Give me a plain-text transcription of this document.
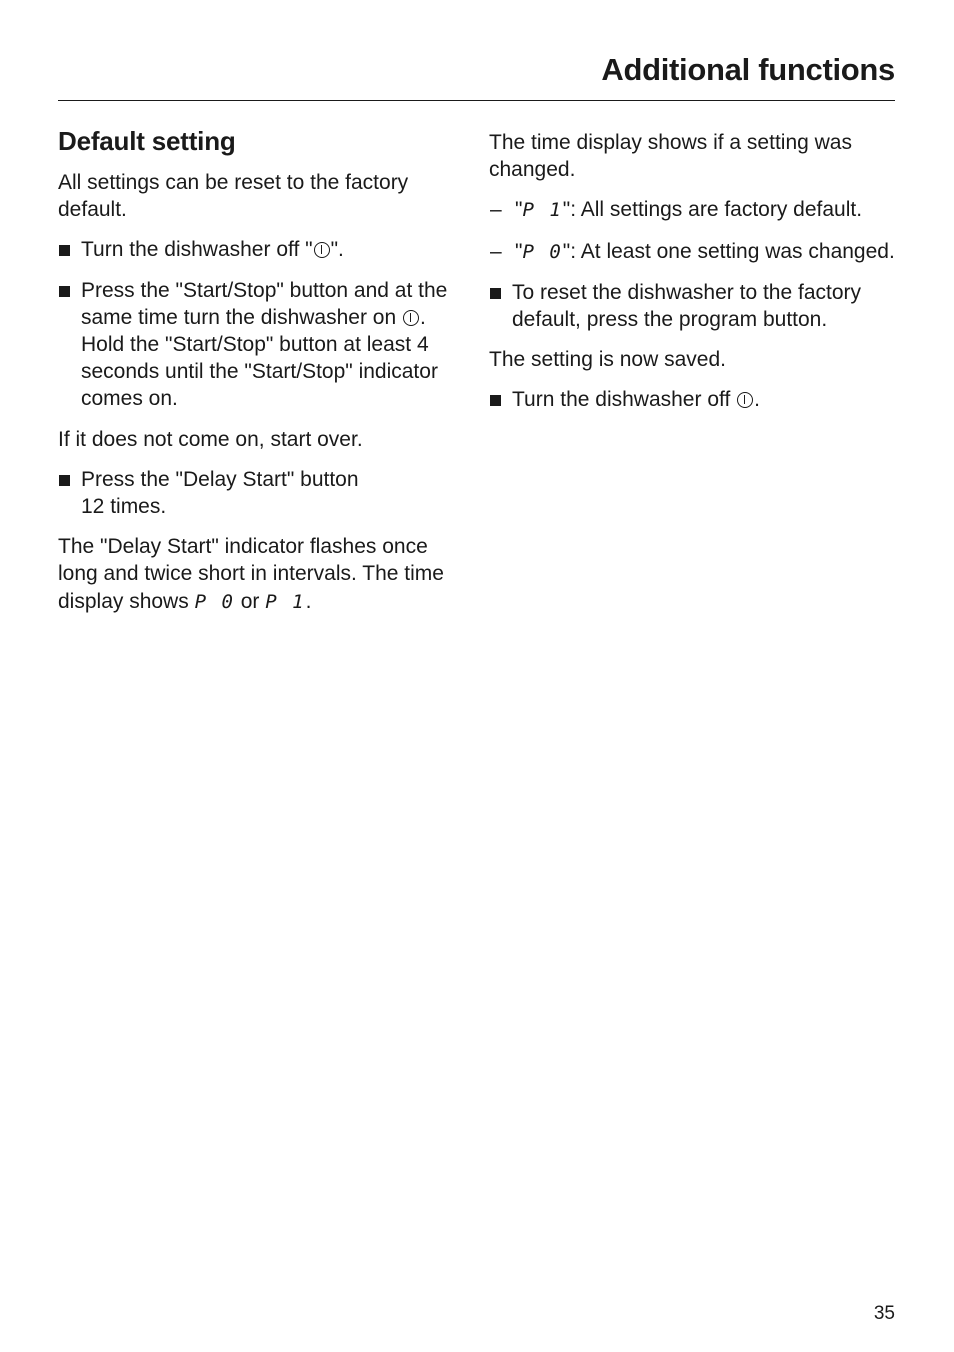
Additional functions
Default setting

All settings can be reset to the factory default.

Turn the dishwasher off " ".
Press the "Start/Stop" button and at the same time turn the dishwasher on . Hold the "Start/Stop" button at least 4 seconds until the "Start/Stop" indicator comes on.

If it does not come on, start over.

Press the "Delay Start" button
12 times.

The "Delay Start" indicator flashes once long and twice short in intervals. The time display shows P 0 or P 1.

The time display shows if a setting was changed.

– "P 1": All settings are factory default.
– "P 0": At least one setting was changed.
To reset the dishwasher to the factory default, press the program button.

The setting is now saved.

Turn the dishwasher off .
35
